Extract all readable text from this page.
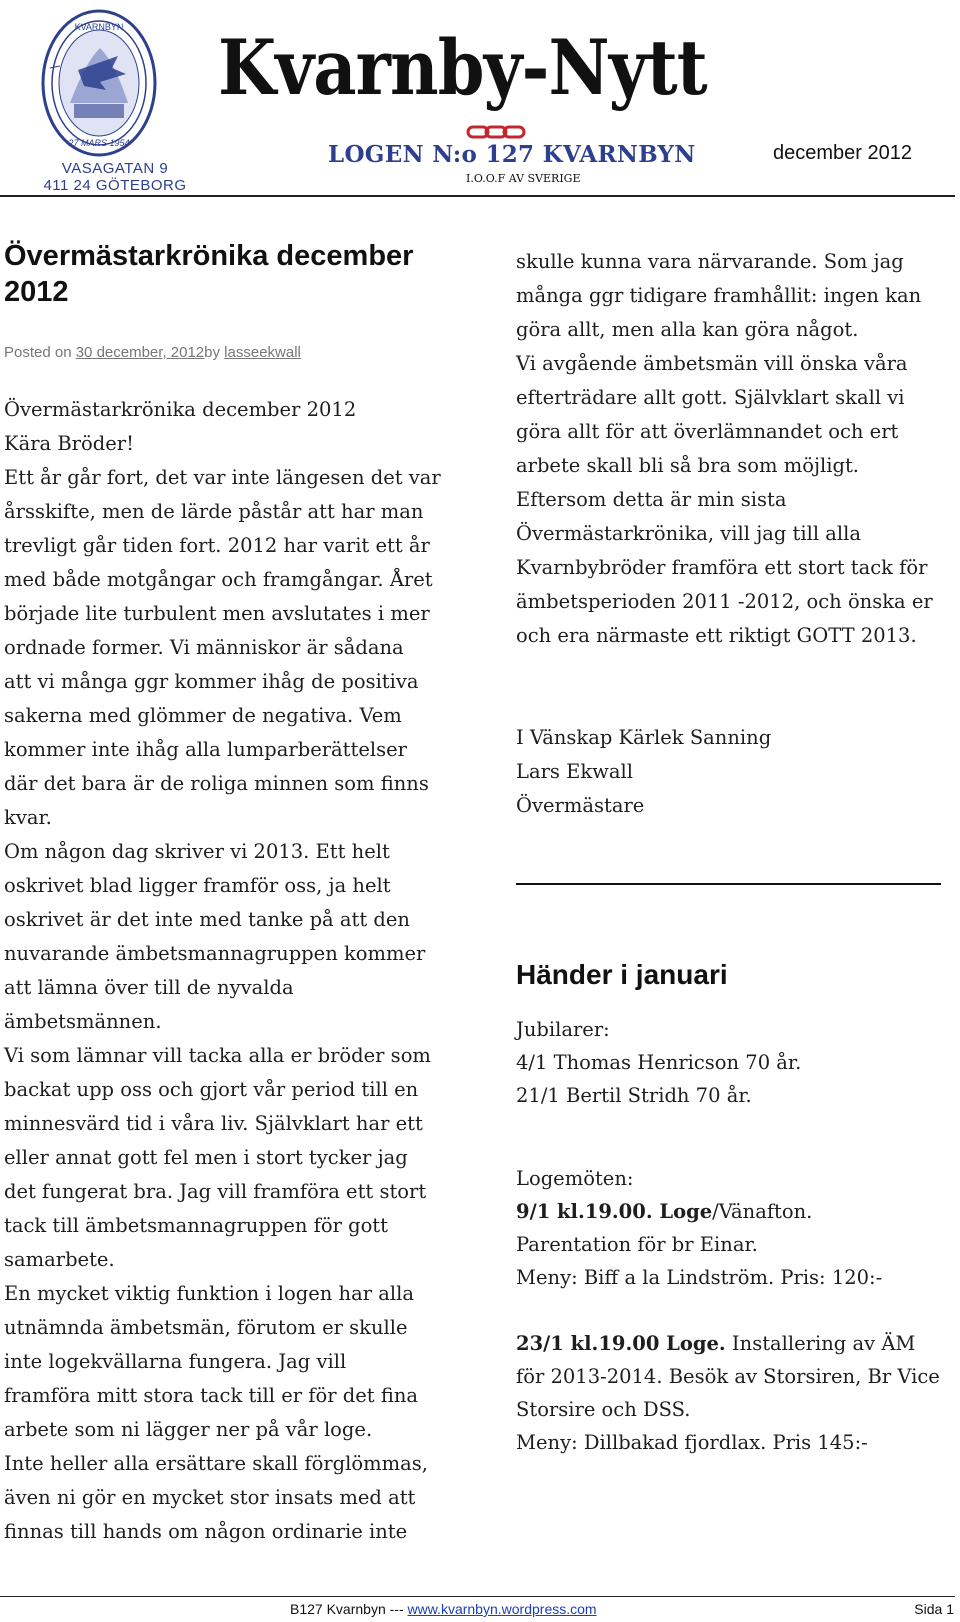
KVARNBYN
27 MARS 1954
VASAGATAN 9
411 24 GÖTEBORG
Kvarnby-Nytt
LOGEN N:o 127 KVARNBYN
I.O.O.F AV SVERIGE
december 2012
Övermästarkrönika december 2012
Posted on 30 december, 2012by lasseekwall

Övermästarkrönika december 2012

Kära Bröder!

Ett år går fort, det var inte längesen det var

årsskifte, men de lärde påstår att har man

trevligt går tiden fort. 2012 har varit ett år

med både motgångar och framgångar. Året

började lite turbulent men avslutates i mer

ordnade former. Vi människor är sådana

att vi många ggr kommer ihåg de positiva

sakerna med glömmer de negativa. Vem

kommer inte ihåg alla lumparberättelser

där det bara är de roliga minnen som finns

kvar.

Om någon dag skriver vi 2013. Ett helt

oskrivet blad ligger framför oss, ja helt

oskrivet är det inte med tanke på att den

nuvarande ämbetsmannagruppen kommer

att lämna över till de nyvalda

ämbetsmännen.

Vi som lämnar vill tacka alla er bröder som

backat upp oss och gjort vår period till en

minnesvärd tid i våra liv. Självklart har ett

eller annat gott fel men i stort tycker jag

det fungerat bra. Jag vill framföra ett stort

tack till ämbetsmannagruppen för gott

samarbete.

En mycket viktig funktion i logen har alla

utnämnda ämbetsmän, förutom er skulle

inte logekvällarna fungera. Jag vill

framföra mitt stora tack till er för det fina

arbete som ni lägger ner på vår loge.

Inte heller alla ersättare skall förglömmas,

även ni gör en mycket stor insats med att

finnas till hands om någon ordinarie inte

skulle kunna vara närvarande. Som jag

många ggr tidigare framhållit: ingen kan

göra allt, men alla kan göra något.

Vi avgående ämbetsmän vill önska våra

efterträdare allt gott. Självklart skall vi

göra allt för att överlämnandet och ert

arbete skall bli så bra som möjligt.

Eftersom detta är min sista

Övermästarkrönika, vill jag till alla

Kvarnbybröder framföra ett stort tack för

ämbetsperioden 2011 -2012, och önska er

och era närmaste ett riktigt GOTT 2013.

I Vänskap Kärlek Sanning

Lars Ekwall

Övermästare

Händer i januari

Jubilarer:

4/1 Thomas Henricson 70 år.

21/1 Bertil Stridh 70 år.

Logemöten:

9/1 kl.19.00. Loge/Vänafton.

Parentation för br Einar.

Meny: Biff a la Lindström. Pris: 120:-

23/1 kl.19.00 Loge. Installering av ÄM

för 2013-2014. Besök av Storsiren, Br Vice

Storsire och DSS.

Meny: Dillbakad fjordlax. Pris 145:-

B127 Kvarnbyn --- www.kvarnbyn.wordpress.com	Sida 1
